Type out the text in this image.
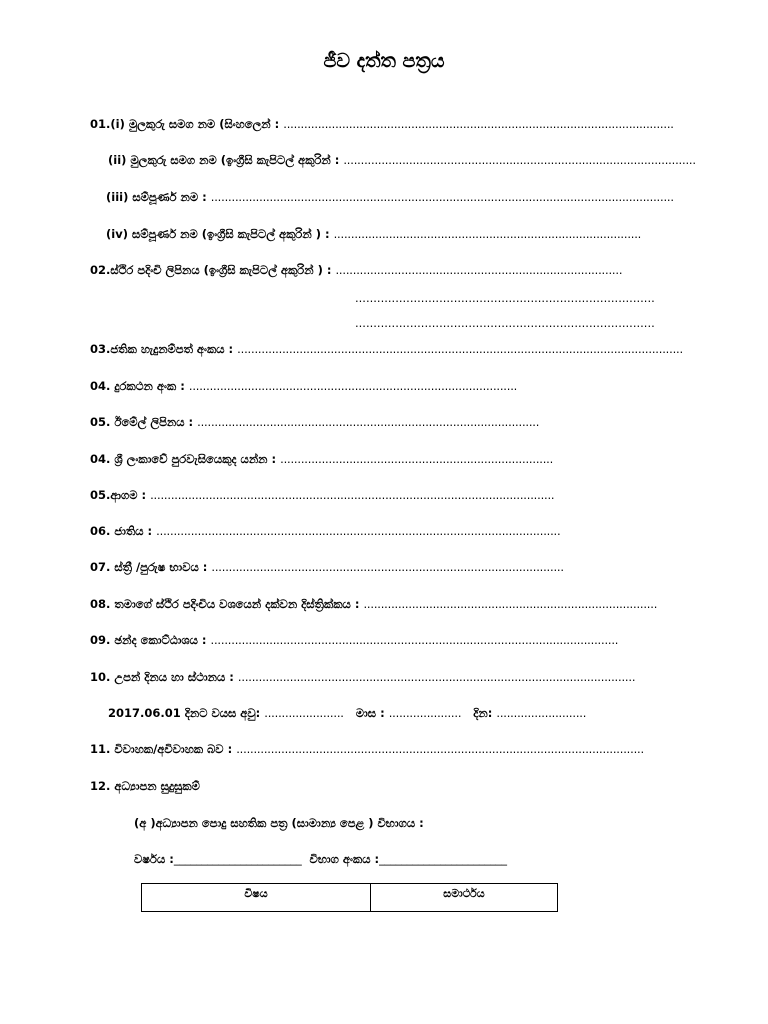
ජීව දත්ත පත්‍රය
01.(i) මුලකුරු සමග නම (සිංහලෙන් : .................................................................................................................
(ii) මුලකුරු සමග නම (ඉංග්‍රීසි කැපිටල් අකුරින් : ......................................................................................................
(iii) සම්පූර්ණ නම : ......................................................................................................................................
(iv) සම්පූර්ණ නම (ඉංග්‍රීසි කැපිටල් අකුරින් ) : .........................................................................................
02.ස්ථිර පදිංචි ලිපිනය (ඉංග්‍රීසි කැපිටල් අකුරින් ) : ...................................................................................
..................................................................................
..................................................................................
03.ජතික හැදුනම්පත් අංකය : .................................................................................................................................
04. දුරකථන අංක : ...............................................................................................
05. ඊමේල් ලිපිනය : ...................................................................................................
04. ශ්‍රී ලංකාවේ පුරවැසියෙකුද යන්න : ...............................................................................
05.ආගම : .....................................................................................................................
06. ජාතිය : .....................................................................................................................
07. ස්ත්‍රී /පුරුෂ භාවය : ......................................................................................................
08. තමාගේ ස්ථිර පදිංචිය වශයෙන් දක්වන දිස්ත්‍රික්කය : .....................................................................................
09. ඡන්ද කොට්ඨාශය : ......................................................................................................................
10. උපන් දිනය හා ස්ථානය : ...................................................................................................................
2017.06.01 දිනට වයස අවු: ....................... මාස : ..................... දින: ..........................
11. විවාහක/අවිවාහක බව : ......................................................................................................................
12. අධ්‍යාපන සුදුසුකම්
(අ )අධ්‍යාපන පොදු සහතික පත්‍ර (සාමාන්‍ය පෙළ ) විභාගය :
වර්ෂය :_______________________ විභාග අංකය :_______________________
විෂය	සමාර්ථය
